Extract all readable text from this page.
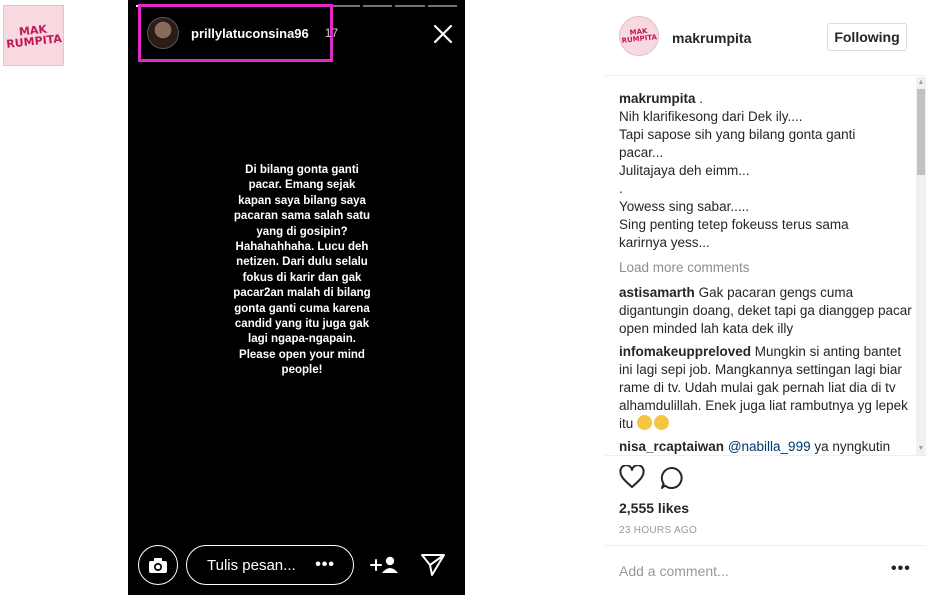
MAK RUMPITA	prillylatuconsina96 17
Di bilang gonta ganti pacar. Emang sejak kapan saya bilang saya pacaran sama salah satu yang di gosipin? Hahahahhaha. Lucu deh netizen. Dari dulu selalu fokus di karir dan gak pacar2an malah di bilang gonta ganti cuma karena candid yang itu juga gak lagi ngapa-ngapain. Please open your mind people!
Tulis pesan... •••
MAK RUMPITA makrumpita	Following
makrumpita .
Nih klarifikesong dari Dek ily....
Tapi sapose sih yang bilang gonta ganti
pacar...
Julitajaya deh eimm...
.
Yowess sing sabar.....
Sing penting tetep fokeuss terus sama
karirnya yess...
Load more comments
astisamarth Gak pacaran gengs cuma digantungin doang, deket tapi ga dianggep pacar open minded lah kata dek illy
infomakeuppreloved Mungkin si anting bantet ini lagi sepi job. Mangkannya settingan lagi biar rame di tv. Udah mulai gak pernah liat dia di tv alhamdulillah. Enek juga liat rambutnya yg lepek itu
nisa_rcaptaiwan @nabilla_999 ya nyngkutin
▲
▼
2,555 likes
23 HOURS AGO
Add a comment...	•••
